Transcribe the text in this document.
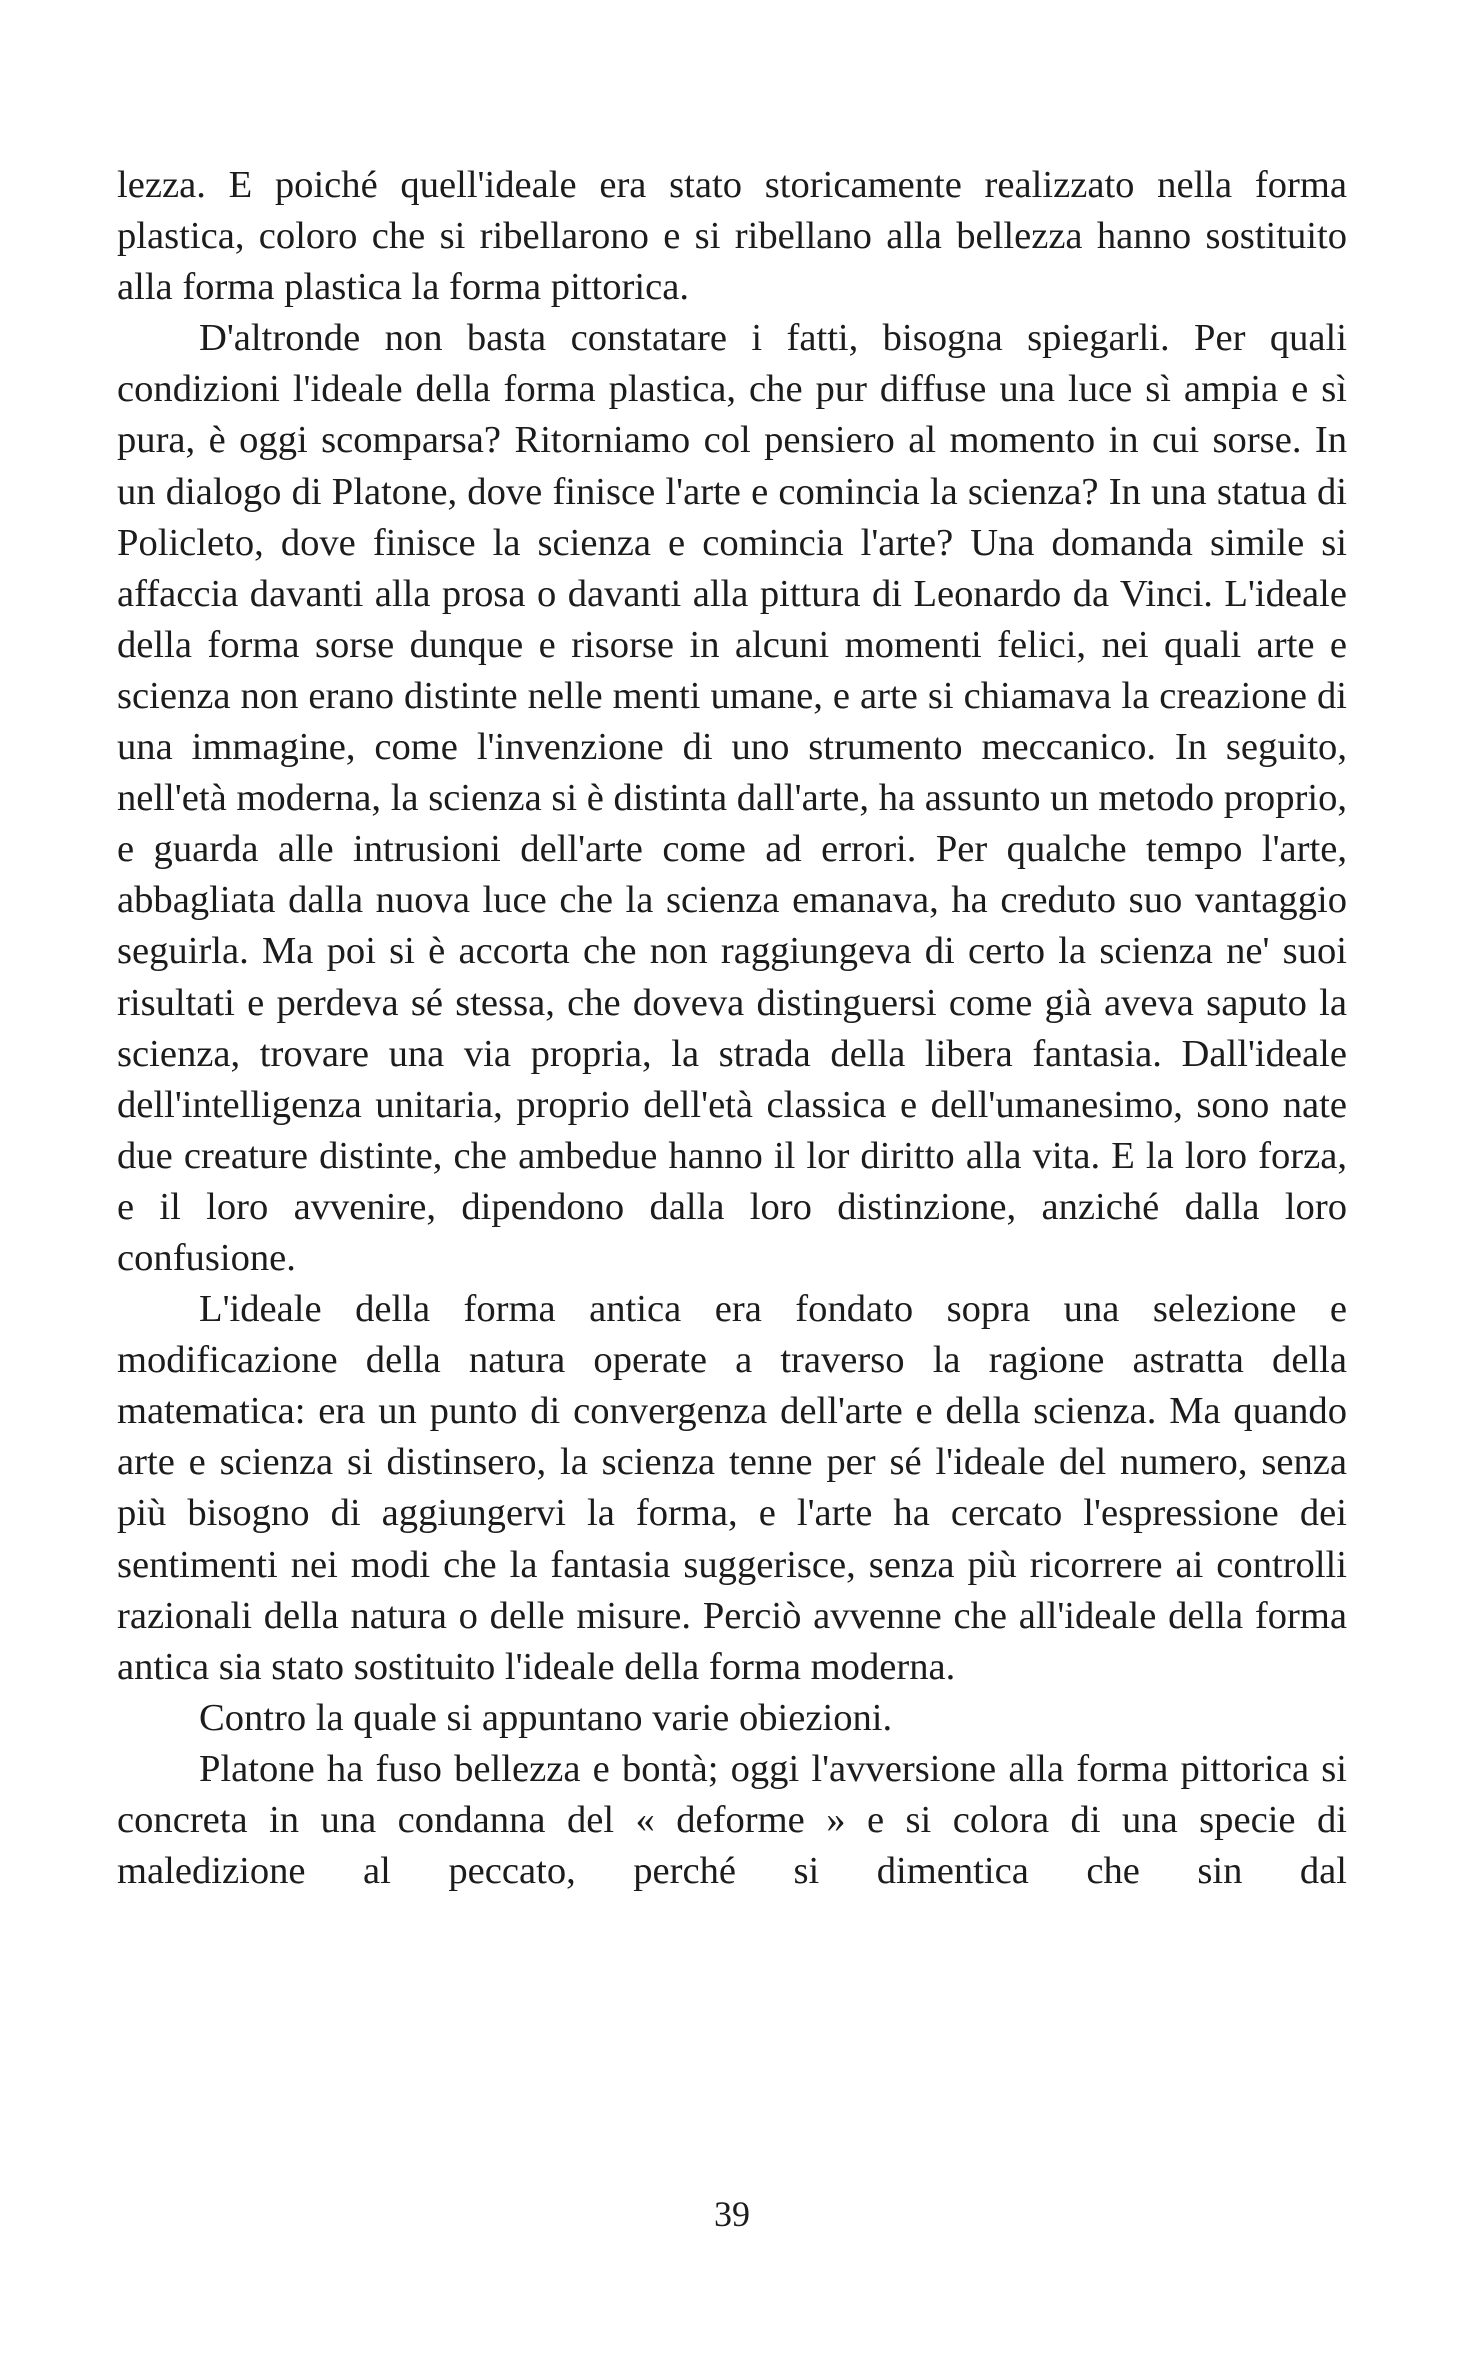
lezza. E poiché quell'ideale era stato storicamente realizzato nella forma plastica, coloro che si ribellarono e si ribellano alla bellezza hanno sostituito alla forma plastica la forma pittorica.

D'altronde non basta constatare i fatti, bisogna spiegarli. Per quali condizioni l'ideale della forma plastica, che pur diffuse una luce sì ampia e sì pura, è oggi scomparsa? Ritorniamo col pensiero al momento in cui sorse. In un dialogo di Platone, dove finisce l'arte e comincia la scienza? In una statua di Policleto, dove finisce la scienza e comincia l'arte? Una domanda simile si affaccia davanti alla prosa o davanti alla pittura di Leonardo da Vinci. L'ideale della forma sorse dunque e risorse in alcuni momenti felici, nei quali arte e scienza non erano distinte nelle menti umane, e arte si chiamava la creazione di una immagine, come l'invenzione di uno strumento meccanico. In seguito, nell'età moderna, la scienza si è distinta dall'arte, ha assunto un metodo proprio, e guarda alle intrusioni dell'arte come ad errori. Per qualche tempo l'arte, abbagliata dalla nuova luce che la scienza emanava, ha creduto suo vantaggio seguirla. Ma poi si è accorta che non raggiungeva di certo la scienza ne' suoi risultati e perdeva sé stessa, che doveva distinguersi come già aveva saputo la scienza, trovare una via propria, la strada della libera fantasia. Dall'ideale dell'intelligenza unitaria, proprio dell'età classica e dell'umanesimo, sono nate due creature distinte, che ambedue hanno il lor diritto alla vita. E la loro forza, e il loro avvenire, dipendono dalla loro distinzione, anziché dalla loro confusione.

L'ideale della forma antica era fondato sopra una selezione e modificazione della natura operate a traverso la ragione astratta della matematica: era un punto di convergenza dell'arte e della scienza. Ma quando arte e scienza si distinsero, la scienza tenne per sé l'ideale del numero, senza più bisogno di aggiungervi la forma, e l'arte ha cercato l'espressione dei sentimenti nei modi che la fantasia suggerisce, senza più ricorrere ai controlli razionali della natura o delle misure. Perciò avvenne che all'ideale della forma antica sia stato sostituito l'ideale della forma moderna.

Contro la quale si appuntano varie obiezioni.

Platone ha fuso bellezza e bontà; oggi l'avversione alla forma pittorica si concreta in una condanna del « deforme » e si colora di una specie di maledizione al peccato, perché si dimentica che sin dal

39
